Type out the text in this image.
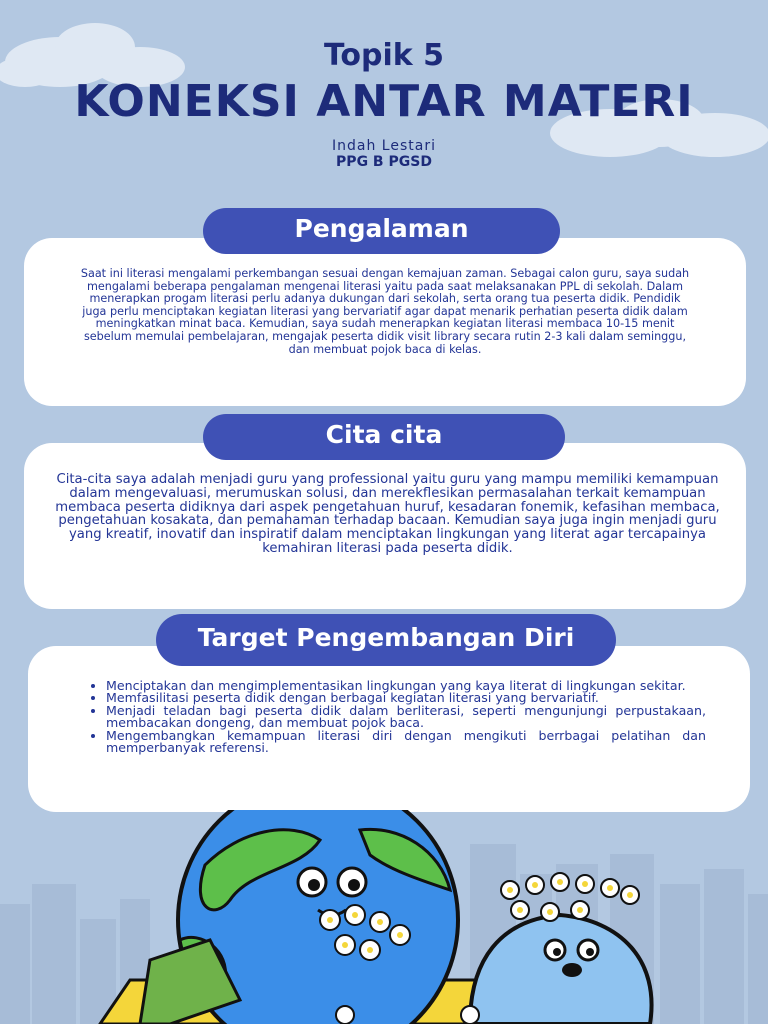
Topik 5
KONEKSI ANTAR MATERI
Indah Lestari
PPG B PGSD
Pengalaman
Saat ini literasi mengalami perkembangan sesuai dengan kemajuan zaman. Sebagai calon guru, saya sudah mengalami beberapa pengalaman mengenai literasi yaitu pada saat melaksanakan PPL di sekolah. Dalam menerapkan progam literasi perlu adanya dukungan dari sekolah, serta orang tua peserta didik. Pendidik juga perlu menciptakan kegiatan literasi yang bervariatif agar dapat menarik perhatian peserta didik dalam meningkatkan minat baca. Kemudian, saya sudah menerapkan kegiatan literasi membaca 10-15 menit sebelum memulai pembelajaran, mengajak peserta didik visit library secara rutin 2-3 kali dalam seminggu, dan membuat pojok baca di kelas.
Cita cita
Cita-cita saya adalah menjadi guru yang professional yaitu guru yang mampu memiliki kemampuan dalam mengevaluasi, merumuskan solusi, dan merekflesikan permasalahan terkait kemampuan membaca peserta didiknya dari aspek pengetahuan huruf, kesadaran fonemik, kefasihan membaca, pengetahuan kosakata, dan pemahaman terhadap bacaan. Kemudian saya juga ingin menjadi guru yang kreatif, inovatif dan inspiratif dalam menciptakan lingkungan yang literat agar tercapainya kemahiran literasi pada peserta didik.
Target Pengembangan Diri
• Menciptakan dan mengimplementasikan lingkungan yang kaya literat di lingkungan sekitar.
• Memfasilitasi peserta didik dengan berbagai kegiatan literasi yang bervariatif.
• Menjadi teladan bagi peserta didik dalam berliterasi, seperti mengunjungi perpustakaan, membacakan dongeng, dan membuat pojok baca.
• Mengembangkan kemampuan literasi diri dengan mengikuti berrbagai pelatihan dan memperbanyak referensi.
